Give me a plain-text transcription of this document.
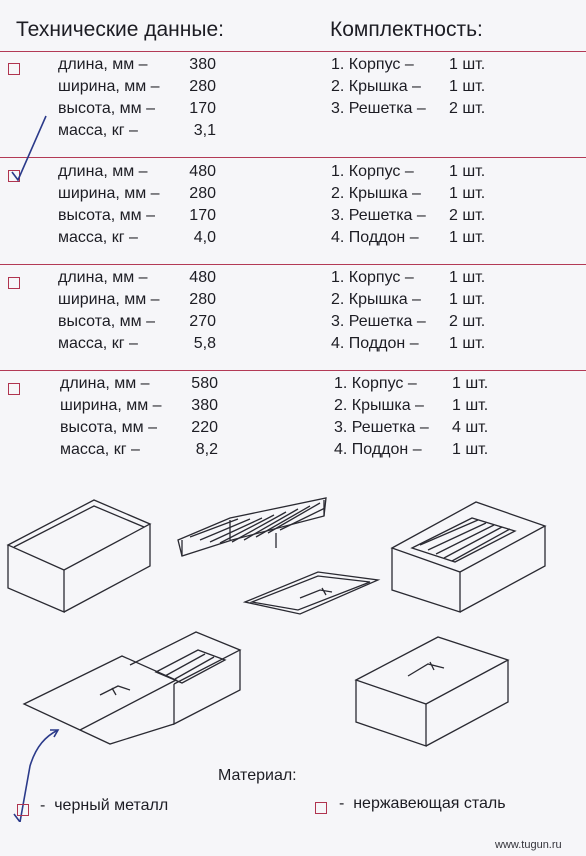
Технические данные:	Комплектность:
длина, мм –	380
ширина, мм –	280
высота, мм –	170
масса, кг –	3,1
1. Корпус –	1 шт.
2. Крышка –	1 шт.
3. Решетка –	2 шт.
длина, мм –	480
ширина, мм –	280
высота, мм –	170
масса, кг –	4,0
1. Корпус –	1 шт.
2. Крышка –	1 шт.
3. Решетка –	2 шт.
4. Поддон –	1 шт.
длина, мм –	480
ширина, мм –	280
высота, мм –	270
масса, кг –	5,8
1. Корпус –	1 шт.
2. Крышка –	1 шт.
3. Решетка –	2 шт.
4. Поддон –	1 шт.
длина, мм –	580
ширина, мм –	380
высота, мм –	220
масса, кг –	8,2
1. Корпус –	1 шт.
2. Крышка –	1 шт.
3. Решетка –	4 шт.
4. Поддон –	1 шт.
Материал:
-  черный металл	-  нержавеющая сталь
www.tugun.ru
